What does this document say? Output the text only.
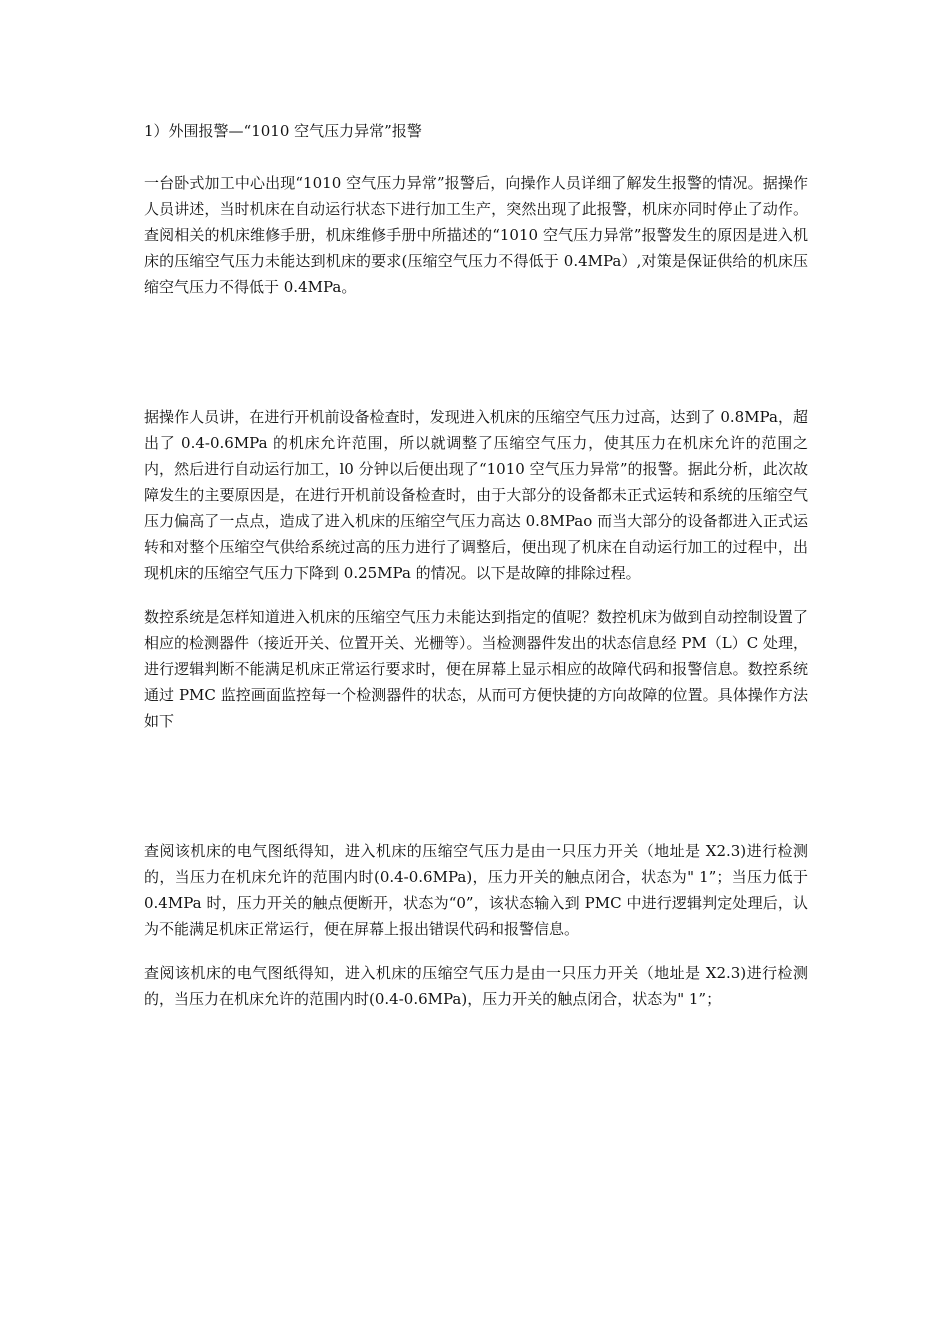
1）外围报警—“1010 空气压力异常”报警

一台卧式加工中心出现“1010 空气压力异常”报警后，向操作人员详细了解发生报警的情况。据操作人员讲述，当时机床在自动运行状态下进行加工生产，突然出现了此报警，机床亦同时停止了动作。查阅相关的机床维修手册，机床维修手册中所描述的“1010 空气压力异常”报警发生的原因是进入机床的压缩空气压力未能达到机床的要求(压缩空气压力不得低于 0.4MPa）,对策是保证供给的机床压缩空气压力不得低于 0.4MPa。

据操作人员讲，在进行开机前设备检查时，发现进入机床的压缩空气压力过高，达到了 0.8MPa，超出了 0.4-0.6MPa 的机床允许范围，所以就调整了压缩空气压力，使其压力在机床允许的范围之内，然后进行自动运行加工，l0 分钟以后便出现了“1010 空气压力异常”的报警。据此分析，此次故障发生的主要原因是，在进行开机前设备检查时，由于大部分的设备都未正式运转和系统的压缩空气压力偏高了一点点，造成了进入机床的压缩空气压力高达 0.8MPao 而当大部分的设备都进入正式运转和对整个压缩空气供给系统过高的压力进行了调整后，便出现了机床在自动运行加工的过程中，出现机床的压缩空气压力下降到 0.25MPa 的情况。以下是故障的排除过程。

数控系统是怎样知道进入机床的压缩空气压力未能达到指定的值呢？数控机床为做到自动控制设置了相应的检测器件（接近开关、位置开关、光栅等）。当检测器件发出的状态信息经 PM（L）C 处理，进行逻辑判断不能满足机床正常运行要求时，便在屏幕上显示相应的故障代码和报警信息。数控系统通过 PMC 监控画面监控每一个检测器件的状态，从而可方便快捷的方向故障的位置。具体操作方法如下

查阅该机床的电气图纸得知，进入机床的压缩空气压力是由一只压力开关（地址是 X2.3)进行检测的，当压力在机床允许的范围内时(0.4-0.6MPa)，压力开关的触点闭合，状态为" 1”；当压力低于 0.4MPa 时，压力开关的触点便断开，状态为“0”，该状态输入到 PMC 中进行逻辑判定处理后，认为不能满足机床正常运行，便在屏幕上报出错误代码和报警信息。

查阅该机床的电气图纸得知，进入机床的压缩空气压力是由一只压力开关（地址是 X2.3)进行检测的，当压力在机床允许的范围内时(0.4-0.6MPa)，压力开关的触点闭合，状态为" 1”；
